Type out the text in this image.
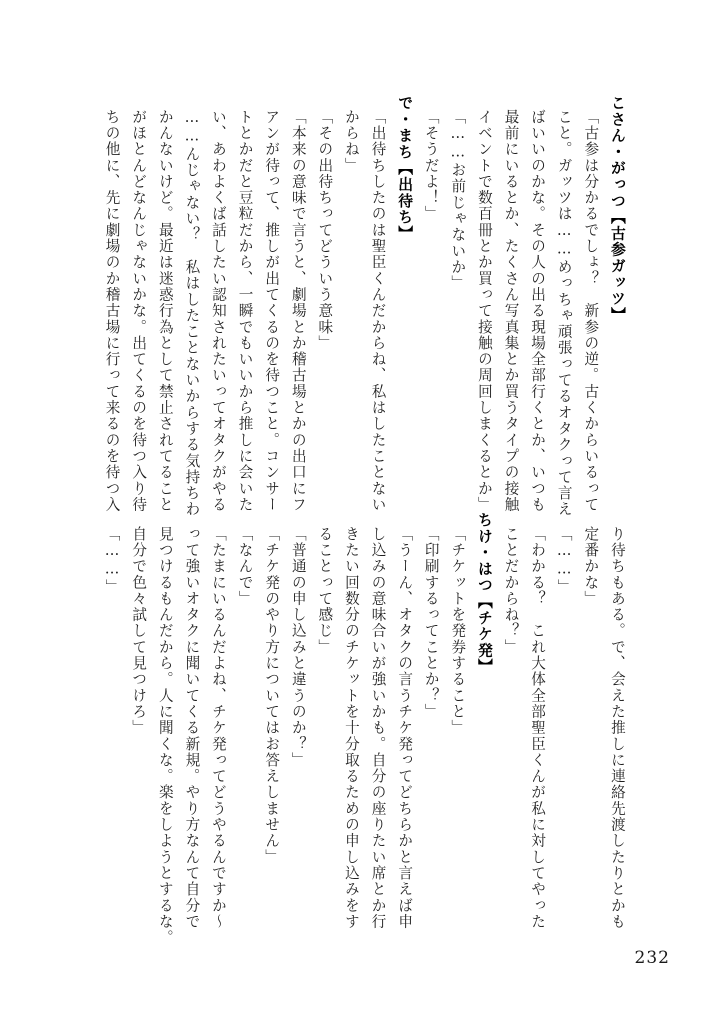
こさん・がっつ【古参ガッツ】
「古参は分かるでしょ？　新参の逆。古くからいるって
こと。ガッツは……めっちゃ頑張ってるオタクって言え
ばいいのかな。その人の出る現場全部行くとか、いつも
最前にいるとか、たくさん写真集とか買うタイプの接触
イベントで数百冊とか買って接触の周回しまくるとか」
「……お前じゃないか」
「そうだよ！」
で・まち【出待ち】
「出待ちしたのは聖臣くんだからね、私はしたことない
からね」
「その出待ちってどういう意味」
「本来の意味で言うと、劇場とか稽古場とかの出口にフ
アンが待って、推しが出てくるのを待つこと。コンサー
トとかだと豆粒だから、一瞬でもいいから推しに会いた
い、あわよくば話したい認知されたいってオタクがやる
……んじゃない？　私はしたことないからする気持ちわ
かんないけど。最近は迷惑行為として禁止されてること
がほとんどなんじゃないかな。出てくるのを待つ入り待
ちの他に、先に劇場のか稽古場に行って来るのを待つ入
り待ちもある。で、会えた推しに連絡先渡したりとかも
定番かな」
「……」
「わかる？　これ大体全部聖臣くんが私に対してやった
ことだからね？」
ちけ・はつ【チケ発】
「チケットを発券すること」
「印刷するってことか？」
「うーん、オタクの言うチケ発ってどちらかと言えば申
し込みの意味合いが強いかも。自分の座りたい席とか行
きたい回数分のチケットを十分取るための申し込みをす
ることって感じ」
「普通の申し込みと違うのか？」
「チケ発のやり方についてはお答えしません」
「なんで」
「たまにいるんだよね、チケ発ってどうやるんですか～
って強いオタクに聞いてくる新規。やり方なんて自分で
見つけるもんだから。人に聞くな。楽をしようとするな。
自分で色々試して見つけろ」
「……」
232
